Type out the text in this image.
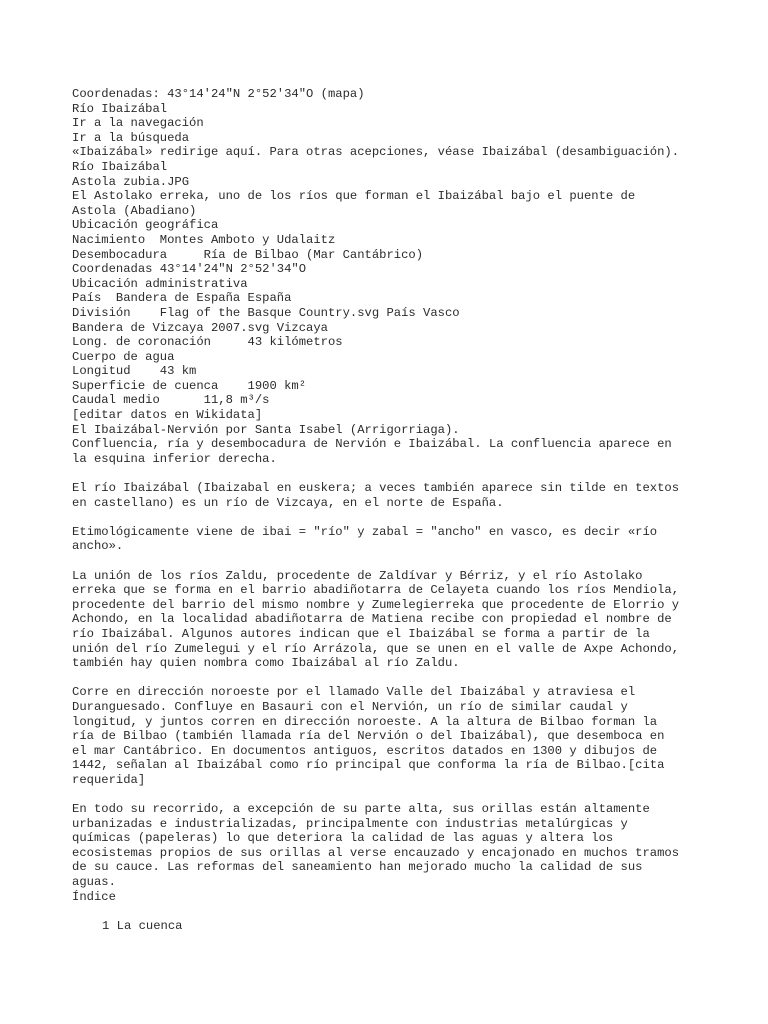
Coordenadas: 43°14′24″N 2°52′34″O (mapa)
Río Ibaizábal
Ir a la navegación
Ir a la búsqueda
«Ibaizábal» redirige aquí. Para otras acepciones, véase Ibaizábal (desambiguación).
Río Ibaizábal
Astola zubia.JPG
El Astolako erreka, uno de los ríos que forman el Ibaizábal bajo el puente de
Astola (Abadiano)
Ubicación geográfica
Nacimiento  Montes Amboto y Udalaitz
Desembocadura     Ría de Bilbao (Mar Cantábrico)
Coordenadas 43°14′24″N 2°52′34″O
Ubicación administrativa
País  Bandera de España España
División    Flag of the Basque Country.svg País Vasco
Bandera de Vizcaya 2007.svg Vizcaya
Long. de coronación     43 kilómetros
Cuerpo de agua
Longitud    43 km
Superficie de cuenca    1900 km²
Caudal medio      11,8 m³/s
[editar datos en Wikidata]
El Ibaizábal-Nervión por Santa Isabel (Arrigorriaga).
Confluencia, ría y desembocadura de Nervión e Ibaizábal. La confluencia aparece en
la esquina inferior derecha.
El río Ibaizábal (Ibaizabal en euskera; a veces también aparece sin tilde en textos
en castellano) es un río de Vizcaya, en el norte de España.
Etimológicamente viene de ibai = "río" y zabal = "ancho" en vasco, es decir «río
ancho».
La unión de los ríos Zaldu, procedente de Zaldívar y Bérriz, y el río Astolako
erreka que se forma en el barrio abadiñotarra de Celayeta cuando los ríos Mendiola,
procedente del barrio del mismo nombre y Zumelegierreka que procedente de Elorrio y
Achondo, en la localidad abadiñotarra de Matiena recibe con propiedad el nombre de
río Ibaizábal. Algunos autores indican que el Ibaizábal se forma a partir de la
unión del río Zumelegui y el río Arrázola, que se unen en el valle de Axpe Achondo,
también hay quien nombra como Ibaizábal al río Zaldu.
Corre en dirección noroeste por el llamado Valle del Ibaizábal y atraviesa el
Duranguesado. Confluye en Basauri con el Nervión, un río de similar caudal y
longitud, y juntos corren en dirección noroeste. A la altura de Bilbao forman la
ría de Bilbao (también llamada ría del Nervión o del Ibaizábal), que desemboca en
el mar Cantábrico. En documentos antiguos, escritos datados en 1300 y dibujos de
1442, señalan al Ibaizábal como río principal que conforma la ría de Bilbao.[cita
requerida]
En todo su recorrido, a excepción de su parte alta, sus orillas están altamente
urbanizadas e industrializadas, principalmente con industrias metalúrgicas y
químicas (papeleras) lo que deteriora la calidad de las aguas y altera los
ecosistemas propios de sus orillas al verse encauzado y encajonado en muchos tramos
de su cauce. Las reformas del saneamiento han mejorado mucho la calidad de sus
aguas.
Índice
1 La cuenca
